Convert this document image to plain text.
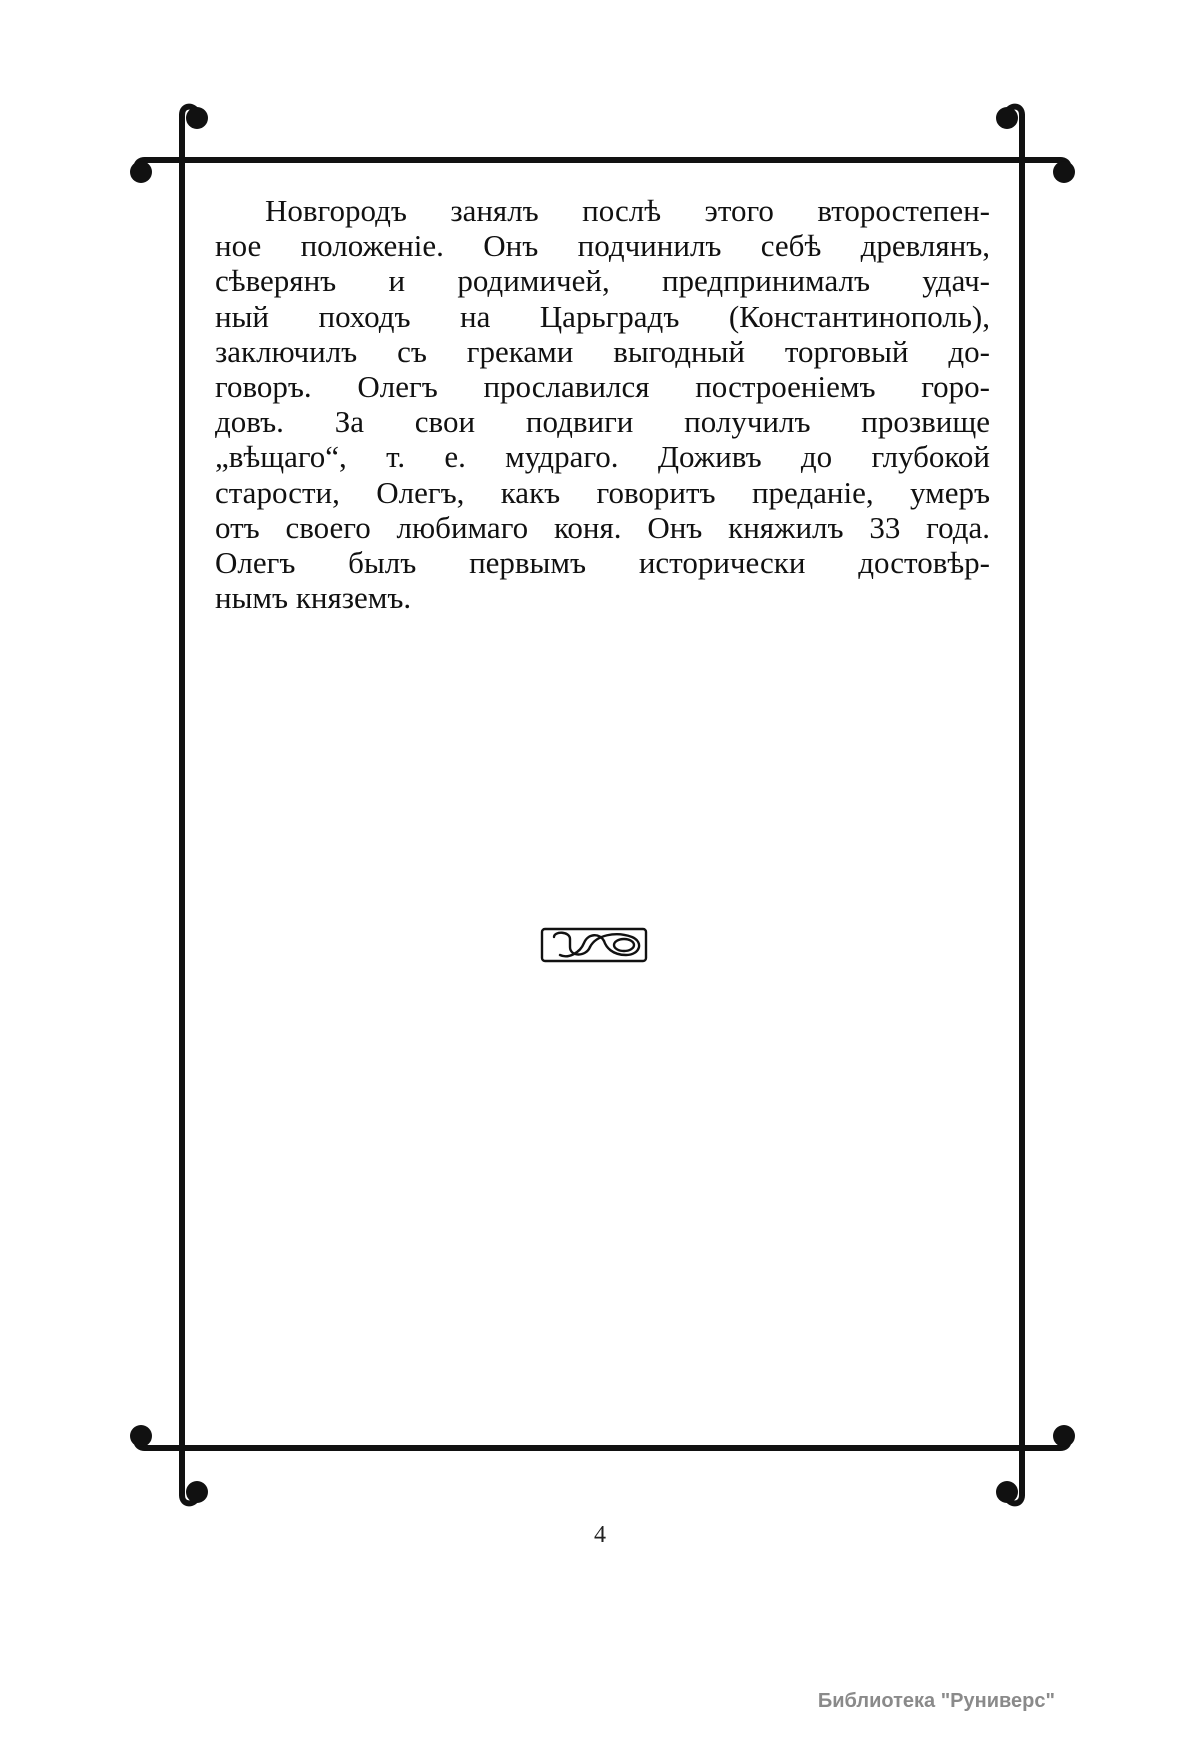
Новгородъ занялъ послѣ этого второстепен-
ное положеніе. Онъ подчинилъ себѣ древлянъ,
сѣверянъ и родимичей, предпринималъ удач-
ный походъ на Царьградъ (Константинополь),
заключилъ съ греками выгодный торговый до-
говоръ. Олегъ прославился построеніемъ горо-
довъ. За свои подвиги получилъ прозвище
„вѣщаго“, т. е. мудраго. Доживъ до глубокой
старости, Олегъ, какъ говоритъ преданіе, умеръ
отъ своего любимаго коня. Онъ княжилъ 33 года.
Олегъ былъ первымъ исторически достовѣр-
нымъ княземъ.
4
Библиотека "Руниверс"
